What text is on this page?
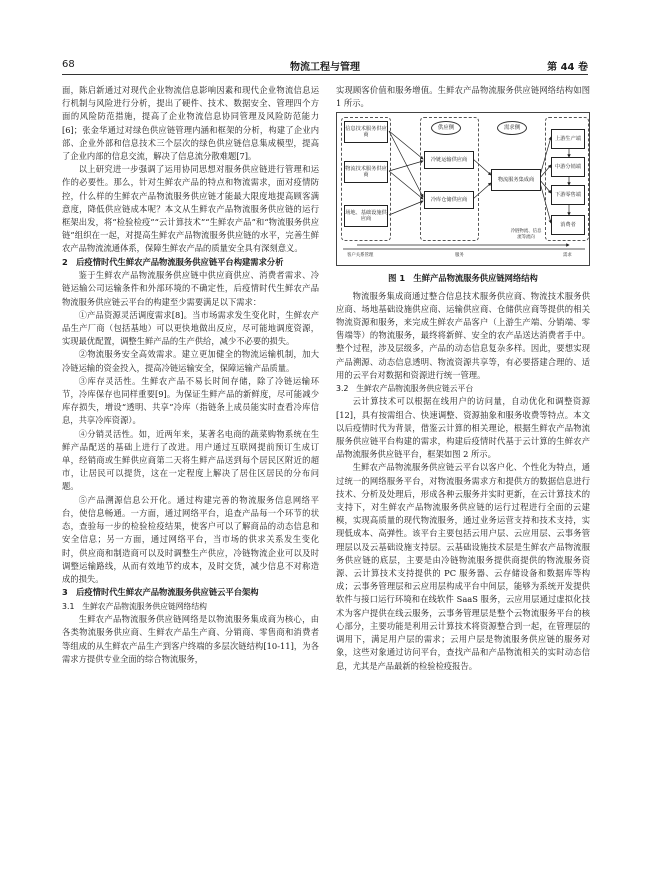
68	物流工程与管理	第 44 卷

面，陈启新通过对现代企业物流信息影响因素和现代企业物流信息运行机制与风险进行分析，提出了硬件、技术、数据安全、管理四个方面的风险防范措施，提高了企业物流信息协同管理及风险防范能力[6]；张金华通过对绿色供应链管理内涵和框架的分析，构建了企业内部、企业外部和信息技术三个层次的绿色供应链信息集成模型，提高了企业内部的信息交流，解决了信息流分散难题[7]。

以上研究进一步强调了运用协同思想对服务供应链进行管理和运作的必要性。那么，针对生鲜农产品的特点和物流需求，面对疫情防控，什么样的生鲜农产品物流服务供应链才能最大限度地提高顾客满意度，降低供应链成本呢？本文从生鲜农产品物流服务供应链的运行框架出发，将“检验检疫”“云计算技术”“生鲜农产品”和“物流服务供应链”组织在一起，对提高生鲜农产品物流服务供应链的水平，完善生鲜农产品物流流通体系，保障生鲜农产品的质量安全具有深刻意义。

2　后疫情时代生鲜农产品物流服务供应链平台构建需求分析

鉴于生鲜农产品物流服务供应链中供应商供应、消费者需求、冷链运输公司运输条件和外部环境的不确定性，后疫情时代生鲜农产品物流服务供应链云平台的构建至少需要满足以下需求：

①产品资源灵活调度需求[8]。当市场需求发生变化时，生鲜农产品生产厂商（包括基地）可以更快地做出反应，尽可能地调度资源，实现最优配置，调整生鲜产品的生产供给，减少不必要的损失。

②物流服务安全高效需求。建立更加健全的物流运输机制，加大冷链运输的资金投入，提高冷链运输安全，保障运输产品质量。

③库存灵活性。生鲜农产品不易长时间存储，除了冷链运输环节，冷库保存也同样重要[9]。为保证生鲜产品的新鲜度，尽可能减少库存损失，增设“透明、共享”冷库（指链条上成员能实时查看冷库信息，共享冷库资源）。

④分销灵活性。如，近两年来，某著名电商的蔬菜购物系统在生鲜产品配送的基础上进行了改进。用户通过互联网提前预订生成订单，经销商或生鲜供应商第二天将生鲜产品送到每个居民区附近的超市，让居民可以提货，这在一定程度上解决了居住区居民的分布问题。

⑤产品溯源信息公开化。通过构建完善的物流服务信息网络平台，使信息畅通。一方面，通过网络平台，追查产品每一个环节的状态，查验每一步的检验检疫结果，使客户可以了解商品的动态信息和安全信息；另一方面，通过网络平台，当市场的供求关系发生变化时，供应商和制造商可以及时调整生产供应，冷链物流企业可以及时调整运输路线，从而有效地节约成本，及时交货，减少信息不对称造成的损失。

3　后疫情时代生鲜农产品物流服务供应链云平台架构
3.1　生鲜农产品物流服务供应链网络结构

生鲜农产品物流服务供应链网络是以物流服务集成商为核心，由各类物流服务供应商、生鲜农产品生产商、分销商、零售商和消费者等组成的从生鲜农产品生产到客户终端的多层次链结构[10-11]，为各需求方提供专业全面的综合物流服务，

实现顾客价值和服务增值。生鲜农产品物流服务供应链网络结构如图 1 所示。

供应侧	需求侧
信息技术服务供应商
物流技术服务供应商
场地、基础设施供应商
冷链运输供应商
冷库仓储供应商
物流服务集成商
上游生产端
中游分销端
下游零售端
消费者
冷链物流、信息流等流向
客户关系管理	服务	需求
图 1　生鲜产品物流服务供应链网络结构

物流服务集成商通过整合信息技术服务供应商、物流技术服务供应商、场地基础设施供应商、运输供应商、仓储供应商等提供的相关物流资源和服务，来完成生鲜农产品客户（上游生产端、分销端、零售端等）的物流服务，最终将新鲜、安全的农产品送达消费者手中。整个过程，涉及层级多，产品的动态信息复杂多样。因此，要想实现产品溯源、动态信息透明、物流资源共享等，有必要搭建合理的、适用的云平台对数据和资源进行统一管理。

3.2　生鲜农产品物流服务供应链云平台

云计算技术可以根据在线用户的访问量，自动优化和调整资源[12]，具有按需组合、快速调整、资源抽象和服务收费等特点。本文以后疫情时代为背景，借鉴云计算的相关理论，根据生鲜农产品物流服务供应链平台构建的需求，构建后疫情时代基于云计算的生鲜农产品物流服务供应链平台，框架如图 2 所示。

生鲜农产品物流服务供应链云平台以客户化、个性化为特点，通过统一的网络服务平台，对物流服务需求方和提供方的数据信息进行技术、分析及处理后，形成各种云服务并实时更新，在云计算技术的支持下，对生鲜农产品物流服务供应链的运行过程进行全面的云建模，实现高质量的现代物流服务，通过业务运营支持和技术支持，实现低成本、高弹性。该平台主要包括云用户层、云应用层、云事务管理层以及云基础设施支持层。云基础设施技术层是生鲜农产品物流服务供应链的底层，主要是由冷链物流服务提供商提供的物流服务资源、云计算技术支持提供的 PC 服务器、云存储设备和数据库等构成；云事务管理层和云应用层构成平台中间层，能够为系统开发提供软件与接口运行环境和在线软件 SaaS 服务，云应用层通过虚拟化技术为客户提供在线云服务，云事务管理层是整个云物流服务平台的核心部分，主要功能是利用云计算技术将资源整合到一起，在管理层的调用下，满足用户层的需求；云用户层是物流服务供应链的服务对象，这些对象通过访问平台，查找产品和产品物流相关的实时动态信息，尤其是产品最新的检验检疫报告。
